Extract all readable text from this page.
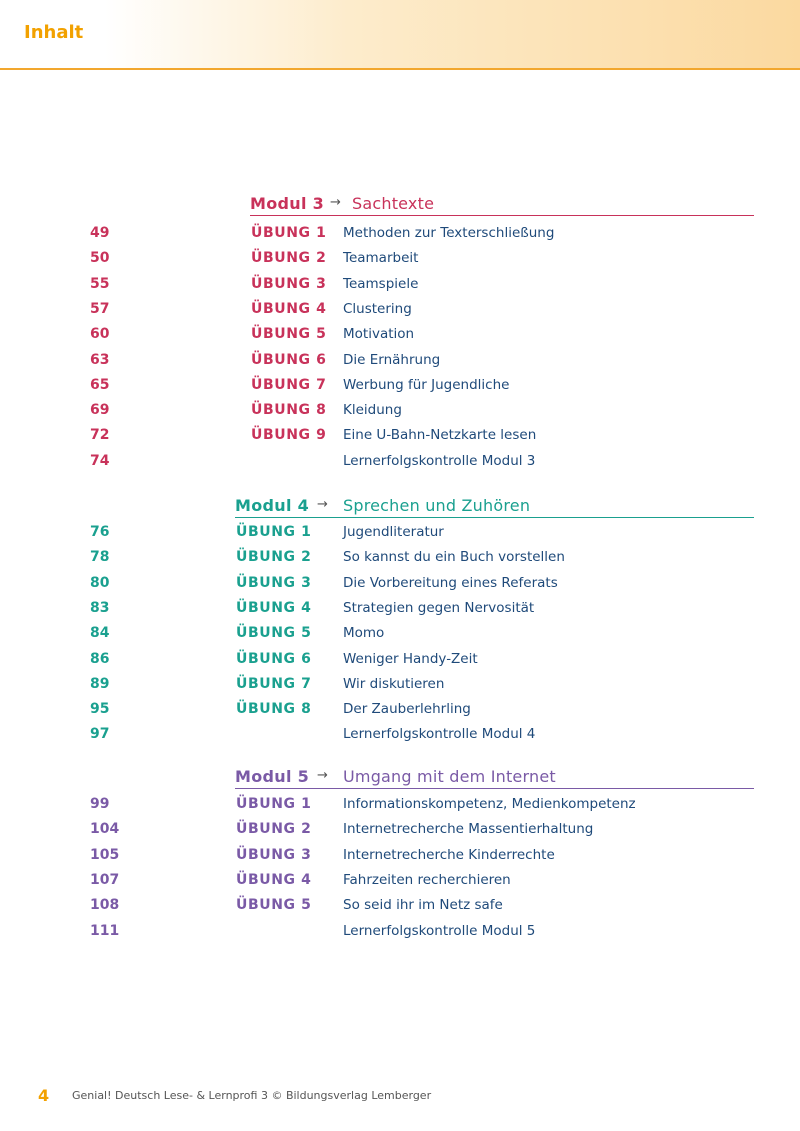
Inhalt
Modul 3 → Sachtexte
49	ÜBUNG 1 Methoden zur Texterschließung
50	ÜBUNG 2 Teamarbeit
55	ÜBUNG 3 Teamspiele
57	ÜBUNG 4 Clustering
60	ÜBUNG 5 Motivation
63	ÜBUNG 6 Die Ernährung
65	ÜBUNG 7 Werbung für Jugendliche
69	ÜBUNG 8 Kleidung
72	ÜBUNG 9 Eine U-Bahn-Netzkarte lesen
74	Lernerfolgskontrolle Modul 3
Modul 4 → Sprechen und Zuhören
76	ÜBUNG 1 Jugendliteratur
78	ÜBUNG 2 So kannst du ein Buch vorstellen
80	ÜBUNG 3 Die Vorbereitung eines Referats
83	ÜBUNG 4 Strategien gegen Nervosität
84	ÜBUNG 5 Momo
86	ÜBUNG 6 Weniger Handy-Zeit
89	ÜBUNG 7 Wir diskutieren
95	ÜBUNG 8 Der Zauberlehrling
97	Lernerfolgskontrolle Modul 4
Modul 5 → Umgang mit dem Internet
99	ÜBUNG 1 Informationskompetenz, Medienkompetenz
104	ÜBUNG 2 Internetrecherche Massentierhaltung
105	ÜBUNG 3 Internetrecherche Kinderrechte
107	ÜBUNG 4 Fahrzeiten recherchieren
108	ÜBUNG 5 So seid ihr im Netz safe
111	Lernerfolgskontrolle Modul 5
4 Genial! Deutsch Lese- & Lernprofi 3 © Bildungsverlag Lemberger
